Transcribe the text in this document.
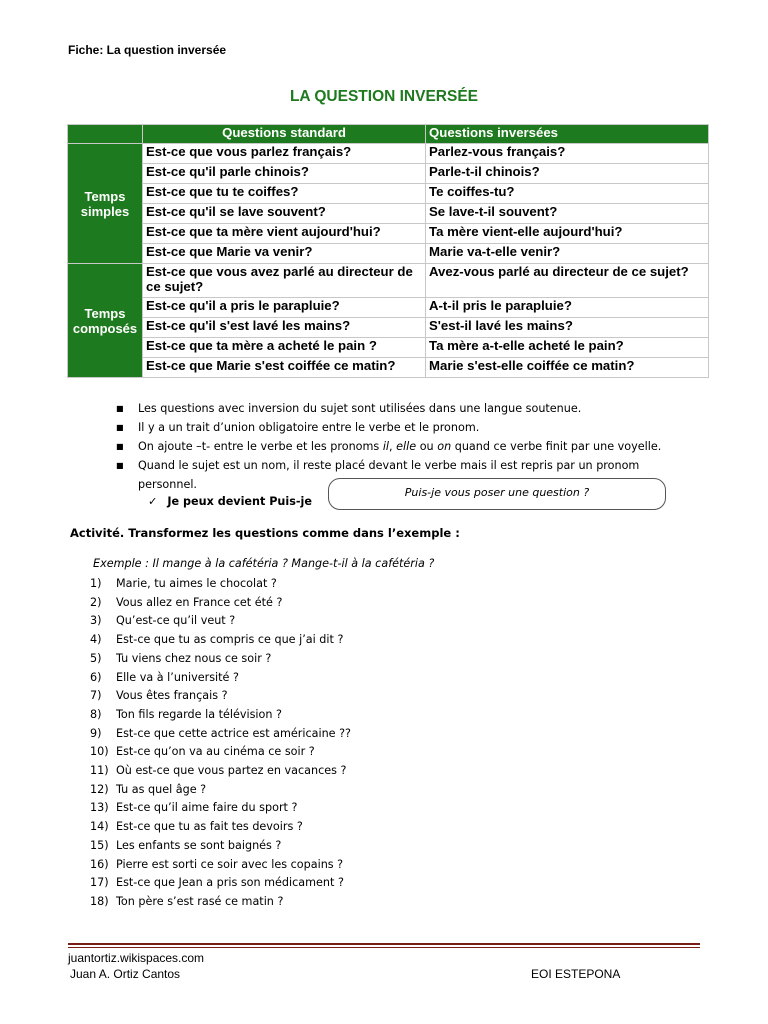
Fiche: La question inversée
LA QUESTION INVERSÉE
	Questions standard	Questions inversées
Temps simples	Est-ce que vous parlez français?	Parlez-vous français?
	Est-ce qu'il parle chinois?	Parle-t-il chinois?
	Est-ce que tu te coiffes?	Te coiffes-tu?
	Est-ce qu'il se lave souvent?	Se lave-t-il souvent?
	Est-ce que ta mère vient aujourd'hui?	Ta mère vient-elle aujourd'hui?
	Est-ce que Marie va venir?	Marie va-t-elle venir?
Temps composés	Est-ce que vous avez parlé au directeur de ce sujet?	Avez-vous parlé au directeur de ce sujet?
	Est-ce qu'il a pris le parapluie?	A-t-il pris le parapluie?
	Est-ce qu'il s'est lavé les mains?	S'est-il lavé les mains?
	Est-ce que ta mère a acheté le pain ?	Ta mère a-t-elle acheté le pain?
	Est-ce que Marie s'est coiffée ce matin?	Marie s'est-elle coiffée ce matin?
■ Les questions avec inversion du sujet sont utilisées dans une langue soutenue.
■ Il y a un trait d’union obligatoire entre le verbe et le pronom.
■ On ajoute –t- entre le verbe et les pronoms il, elle ou on quand ce verbe finit par une voyelle.
■ Quand le sujet est un nom, il reste placé devant le verbe mais il est repris par un pronom personnel.
✓ Je peux devient Puis-je
Puis-je vous poser une question ?
Activité. Transformez les questions comme dans l’exemple :
Exemple : Il mange à la cafétéria ? Mange-t-il à la cafétéria ?
1) Marie, tu aimes le chocolat ?
2) Vous allez en France cet été ?
3) Qu’est-ce qu’il veut ?
4) Est-ce que tu as compris ce que j’ai dit ?
5) Tu viens chez nous ce soir ?
6) Elle va à l’université ?
7) Vous êtes français ?
8) Ton fils regarde la télévision ?
9) Est-ce que cette actrice est américaine ??
10) Est-ce qu’on va au cinéma ce soir ?
11) Où est-ce que vous partez en vacances ?
12) Tu as quel âge ?
13) Est-ce qu’il aime faire du sport ?
14) Est-ce que tu as fait tes devoirs ?
15) Les enfants se sont baignés ?
16) Pierre est sorti ce soir avec les copains ?
17) Est-ce que Jean a pris son médicament ?
18) Ton père s’est rasé ce matin ?
juantortiz.wikispaces.com
Juan A. Ortiz Cantos	EOI ESTEPONA
